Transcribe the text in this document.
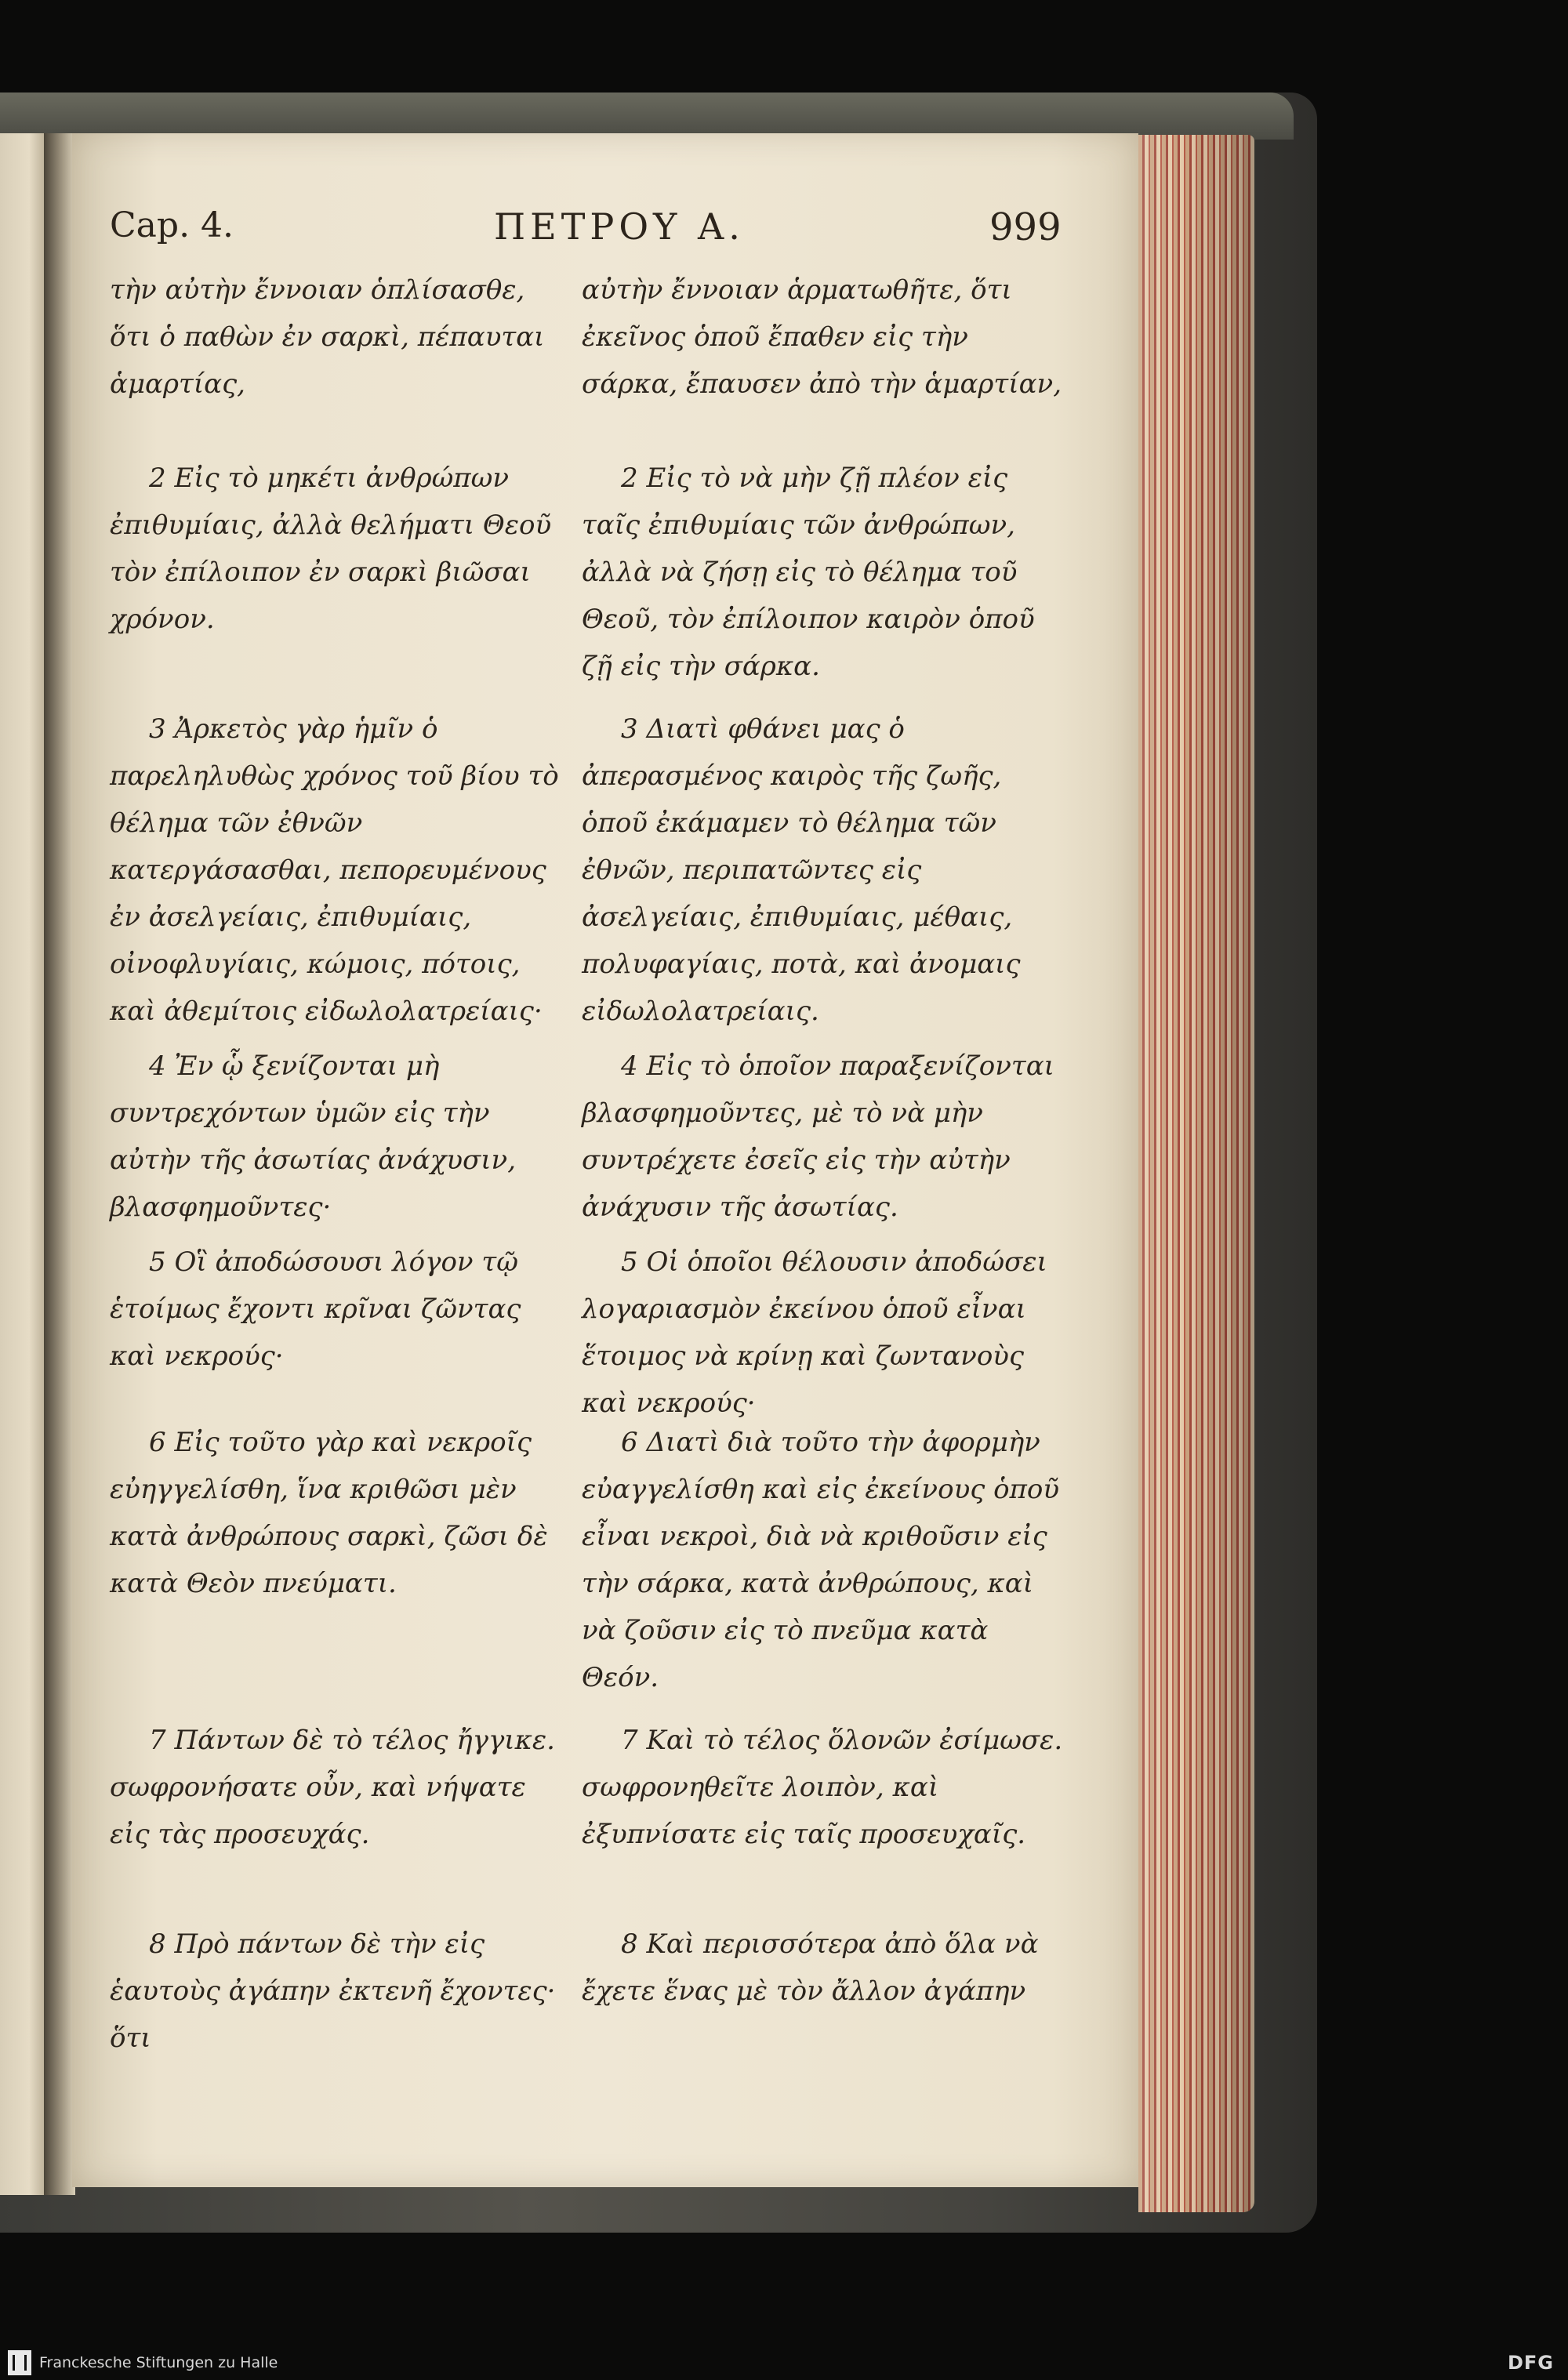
Cap. 4.	ΠΕΤΡΟΥ Α.	999
τὴν αὐτὴν ἔννοιαν ὁπλίσασθε, ὅτι ὁ παθὼν ἐν σαρκὶ, πέπαυται ἁμαρτίας,
2 Εἰς τὸ μηκέτι ἀνθρώπων ἐπιθυμίαις, ἀλλὰ θελήματι Θεοῦ τὸν ἐπίλοιπον ἐν σαρκὶ βιῶσαι χρόνον.
3 Ἀρκετὸς γὰρ ἡμῖν ὁ παρεληλυθὼς χρόνος τοῦ βίου τὸ θέλημα τῶν ἐθνῶν κατεργάσασθαι, πεπορευμένους ἐν ἀσελγείαις, ἐπιθυμίαις, οἰνοφλυγίαις, κώμοις, πότοις, καὶ ἀθεμίτοις εἰδωλολατρείαις·
4 Ἐν ᾧ ξενίζονται μὴ συντρεχόντων ὑμῶν εἰς τὴν αὐτὴν τῆς ἀσωτίας ἀνάχυσιν, βλασφημοῦντες·
5 Οἳ ἀποδώσουσι λόγον τῷ ἑτοίμως ἔχοντι κρῖναι ζῶντας καὶ νεκρούς·
6 Εἰς τοῦτο γὰρ καὶ νεκροῖς εὐηγγελίσθη, ἵνα κριθῶσι μὲν κατὰ ἀνθρώπους σαρκὶ, ζῶσι δὲ κατὰ Θεὸν πνεύματι.
7 Πάντων δὲ τὸ τέλος ἤγγικε. σωφρονήσατε οὖν, καὶ νήψατε εἰς τὰς προσευχάς.
8 Πρὸ πάντων δὲ τὴν εἰς ἑαυτοὺς ἀγάπην ἐκτενῆ ἔχοντες· ὅτι
αὐτὴν ἔννοιαν ἁρματωθῆτε, ὅτι ἐκεῖνος ὁποῦ ἔπαθεν εἰς τὴν σάρκα, ἔπαυσεν ἀπὸ τὴν ἁμαρτίαν,
2 Εἰς τὸ νὰ μὴν ζῇ πλέον εἰς ταῖς ἐπιθυμίαις τῶν ἀνθρώπων, ἀλλὰ νὰ ζήσῃ εἰς τὸ θέλημα τοῦ Θεοῦ, τὸν ἐπίλοιπον καιρὸν ὁποῦ ζῇ εἰς τὴν σάρκα.
3 Διατὶ φθάνει μας ὁ ἀπερασμένος καιρὸς τῆς ζωῆς, ὁποῦ ἐκάμαμεν τὸ θέλημα τῶν ἐθνῶν, περιπατῶντες εἰς ἀσελγείαις, ἐπιθυμίαις, μέθαις, πολυφαγίαις, ποτὰ, καὶ ἀνομαις εἰδωλολατρείαις.
4 Εἰς τὸ ὁποῖον παραξενίζονται βλασφημοῦντες, μὲ τὸ νὰ μὴν συντρέχετε ἐσεῖς εἰς τὴν αὐτὴν ἀνάχυσιν τῆς ἀσωτίας.
5 Οἱ ὁποῖοι θέλουσιν ἀποδώσει λογαριασμὸν ἐκείνου ὁποῦ εἶναι ἕτοιμος νὰ κρίνῃ καὶ ζωντανοὺς καὶ νεκρούς·
6 Διατὶ διὰ τοῦτο τὴν ἀφορμὴν εὐαγγελίσθη καὶ εἰς ἐκείνους ὁποῦ εἶναι νεκροὶ, διὰ νὰ κριθοῦσιν εἰς τὴν σάρκα, κατὰ ἀνθρώπους, καὶ νὰ ζοῦσιν εἰς τὸ πνεῦμα κατὰ Θεόν.
7 Καὶ τὸ τέλος ὅλονῶν ἐσίμωσε. σωφρονηθεῖτε λοιπὸν, καὶ ἐξυπνίσατε εἰς ταῖς προσευχαῖς.
8 Καὶ περισσότερα ἀπὸ ὅλα νὰ ἔχετε ἕνας μὲ τὸν ἄλλον ἀγάπην
Franckesche Stiftungen zu Halle	DFG
